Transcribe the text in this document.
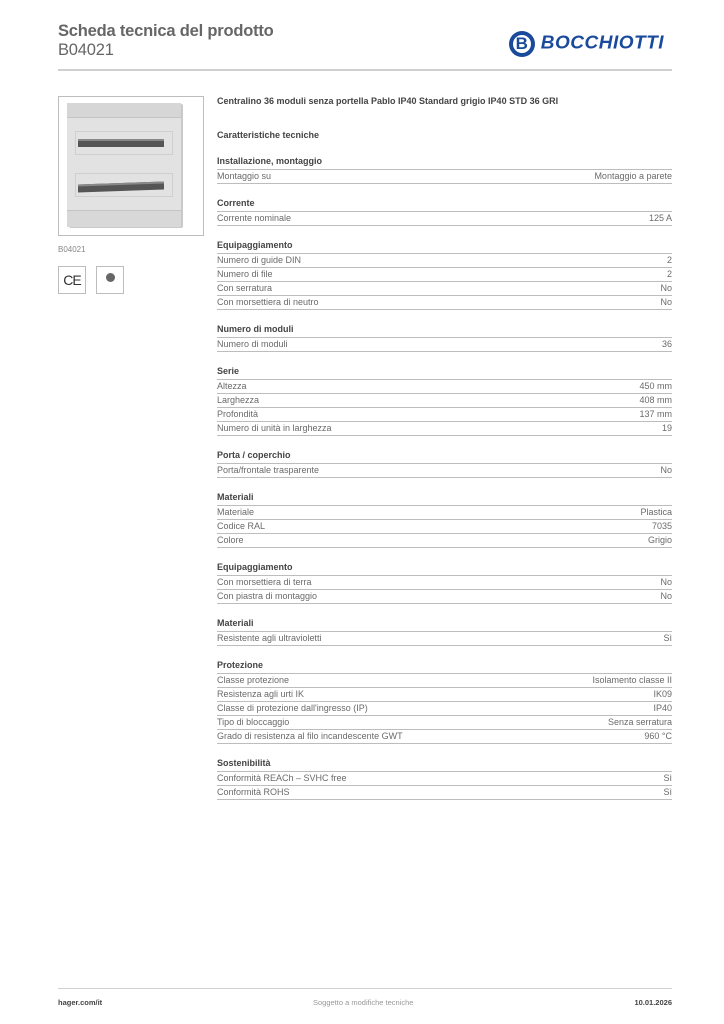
Scheda tecnica del prodotto
B04021	B BOCCHIOTTI
B04021
CE
Centralino 36 moduli senza portella Pablo IP40 Standard grigio IP40 STD 36 GRI
Caratteristiche tecniche
Installazione, montaggio
Montaggio su	Montaggio a parete
Corrente
Corrente nominale	125 A
Equipaggiamento
Numero di guide DIN	2
Numero di file	2
Con serratura	No
Con morsettiera di neutro	No
Numero di moduli
Numero di moduli	36
Serie
Altezza	450 mm
Larghezza	408 mm
Profondità	137 mm
Numero di unità in larghezza	19
Porta / coperchio
Porta/frontale trasparente	No
Materiali
Materiale	Plastica
Codice RAL	7035
Colore	Grigio
Equipaggiamento
Con morsettiera di terra	No
Con piastra di montaggio	No
Materiali
Resistente agli ultravioletti	Sì
Protezione
Classe protezione	Isolamento classe II
Resistenza agli urti IK	IK09
Classe di protezione dall'ingresso (IP)	IP40
Tipo di bloccaggio	Senza serratura
Grado di resistenza al filo incandescente GWT	960 °C
Sostenibilità
Conformità REACh – SVHC free	Sì
Conformità ROHS	Sì
hager.com/it	Soggetto a modifiche tecniche	10.01.2026
